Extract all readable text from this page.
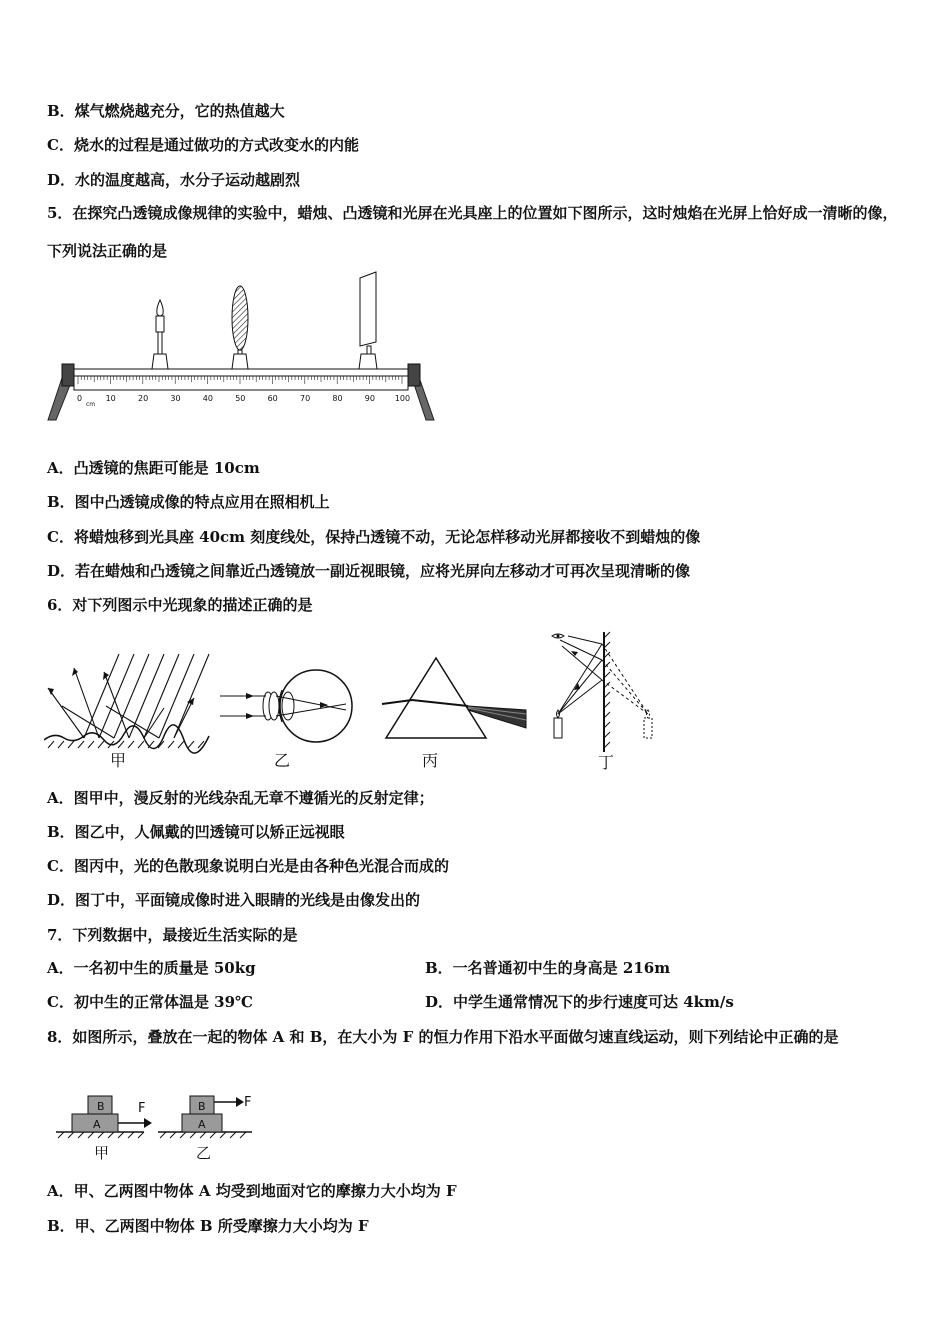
B．煤气燃烧越充分，它的热值越大
C．烧水的过程是通过做功的方式改变水的内能
D．水的温度越高，水分子运动越剧烈
5．在探究凸透镜成像规律的实验中，蜡烛、凸透镜和光屏在光具座上的位置如下图所示，这时烛焰在光屏上恰好成一清晰的像，下列说法正确的是
0	10	20	30	40	50	60	70	80	90 100
cm
A．凸透镜的焦距可能是 10cm
B．图中凸透镜成像的特点应用在照相机上
C．将蜡烛移到光具座 40cm 刻度线处，保持凸透镜不动，无论怎样移动光屏都接收不到蜡烛的像
D．若在蜡烛和凸透镜之间靠近凸透镜放一副近视眼镜，应将光屏向左移动才可再次呈现清晰的像
6．对下列图示中光现象的描述正确的是
甲	乙	丙	丁
A．图甲中，漫反射的光线杂乱无章不遵循光的反射定律；
B．图乙中，人佩戴的凹透镜可以矫正远视眼
C．图丙中，光的色散现象说明白光是由各种色光混合而成的
D．图丁中，平面镜成像时进入眼睛的光线是由像发出的
7．下列数据中，最接近生活实际的是
A．一名初中生的质量是 50kg	B．一名普通初中生的身高是 216m
C．初中生的正常体温是 39℃	D．中学生通常情况下的步行速度可达 4km/s
8．如图所示，叠放在一起的物体 A 和 B，在大小为 F 的恒力作用下沿水平面做匀速直线运动，则下列结论中正确的是
B
A
F
甲
B
A
F
乙
A．甲、乙两图中物体 A 均受到地面对它的摩擦力大小均为 F
B．甲、乙两图中物体 B 所受摩擦力大小均为 F
